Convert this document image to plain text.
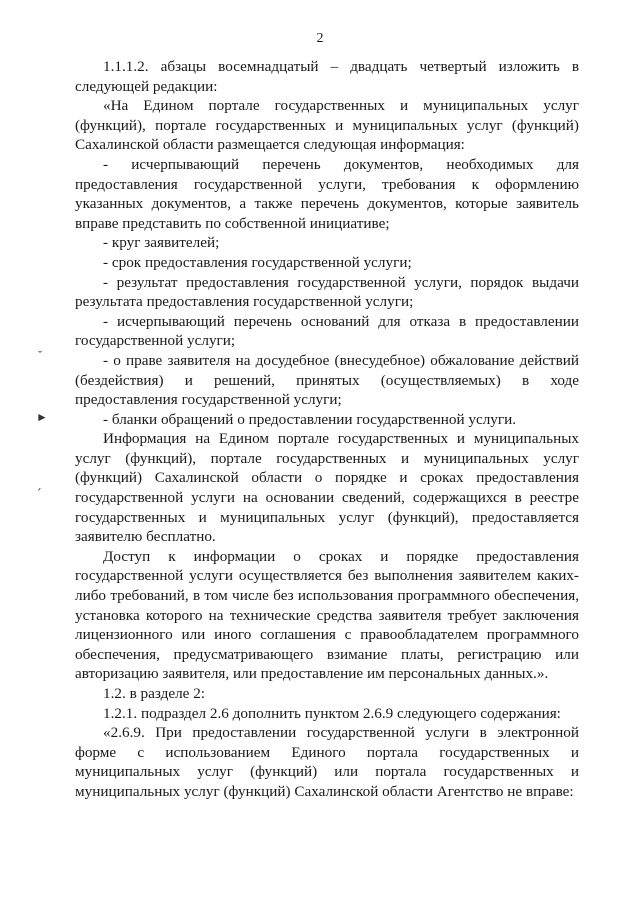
2
ˇ
►
՛

1.1.1.2. абзацы восемнадцатый – двадцать четвертый изложить в следующей редакции:

«На Едином портале государственных и муниципальных услуг (функций), портале государственных и муниципальных услуг (функций) Сахалинской области размещается следующая информация:

- исчерпывающий перечень документов, необходимых для предоставления государственной услуги, требования к оформлению указанных документов, а также перечень документов, которые заявитель вправе представить по собственной инициативе;

- круг заявителей;

- срок предоставления государственной услуги;

- результат предоставления государственной услуги, порядок выдачи результата предоставления государственной услуги;

- исчерпывающий перечень оснований для отказа в предоставлении государственной услуги;

- о праве заявителя на досудебное (внесудебное) обжалование действий (бездействия) и решений, принятых (осуществляемых) в ходе предоставления государственной услуги;

- бланки обращений о предоставлении государственной услуги.

Информация на Едином портале государственных и муниципальных услуг (функций), портале государственных и муниципальных услуг (функций) Сахалинской области о порядке и сроках предоставления государственной услуги на основании сведений, содержащихся в реестре государственных и муниципальных услуг (функций), предоставляется заявителю бесплатно.

Доступ к информации о сроках и порядке предоставления государственной услуги осуществляется без выполнения заявителем каких-либо требований, в том числе без использования программного обеспечения, установка которого на технические средства заявителя требует заключения лицензионного или иного соглашения с правообладателем программного обеспечения, предусматривающего взимание платы, регистрацию или авторизацию заявителя, или предоставление им персональных данных.».

1.2. в разделе 2:

1.2.1. подраздел 2.6 дополнить пунктом 2.6.9 следующего содержания:

«2.6.9. При предоставлении государственной услуги в электронной форме с использованием Единого портала государственных и муниципальных услуг (функций) или портала государственных и муниципальных услуг (функций) Сахалинской области Агентство не вправе:
